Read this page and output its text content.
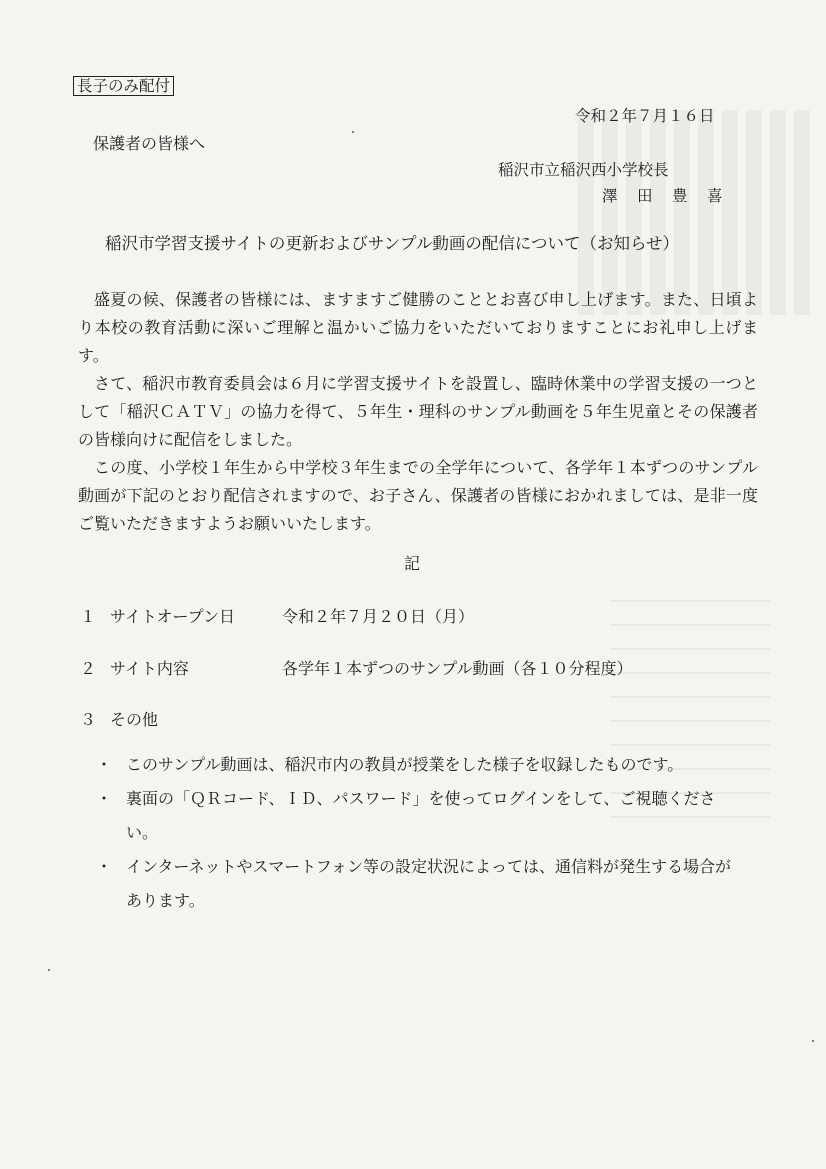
長子のみ配付
令和２年７月１６日
保護者の皆様へ
稲沢市立稲沢西小学校長
澤　田　豊　喜
稲沢市学習支援サイトの更新およびサンプル動画の配信について（お知らせ）

盛夏の候、保護者の皆様には、ますますご健勝のこととお喜び申し上げます。また、日頃より本校の教育活動に深いご理解と温かいご協力をいただいておりますことにお礼申し上げます。

さて、稲沢市教育委員会は６月に学習支援サイトを設置し、臨時休業中の学習支援の一つとして「稲沢ＣＡＴＶ」の協力を得て、５年生・理科のサンプル動画を５年生児童とその保護者の皆様向けに配信をしました。

この度、小学校１年生から中学校３年生までの全学年について、各学年１本ずつのサンプル動画が下記のとおり配信されますので、お子さん、保護者の皆様におかれましては、是非一度ご覧いただきますようお願いいたします。

記
１ サイトオープン日	令和２年７月２０日（月）
２ サイト内容	各学年１本ずつのサンプル動画（各１０分程度）
３ その他
・ このサンプル動画は、稲沢市内の教員が授業をした様子を収録したものです。
・ 裏面の「ＱＲコード、ＩＤ、パスワード」を使ってログインをして、ご視聴ください。
・ インターネットやスマートフォン等の設定状況によっては、通信料が発生する場合があります。
